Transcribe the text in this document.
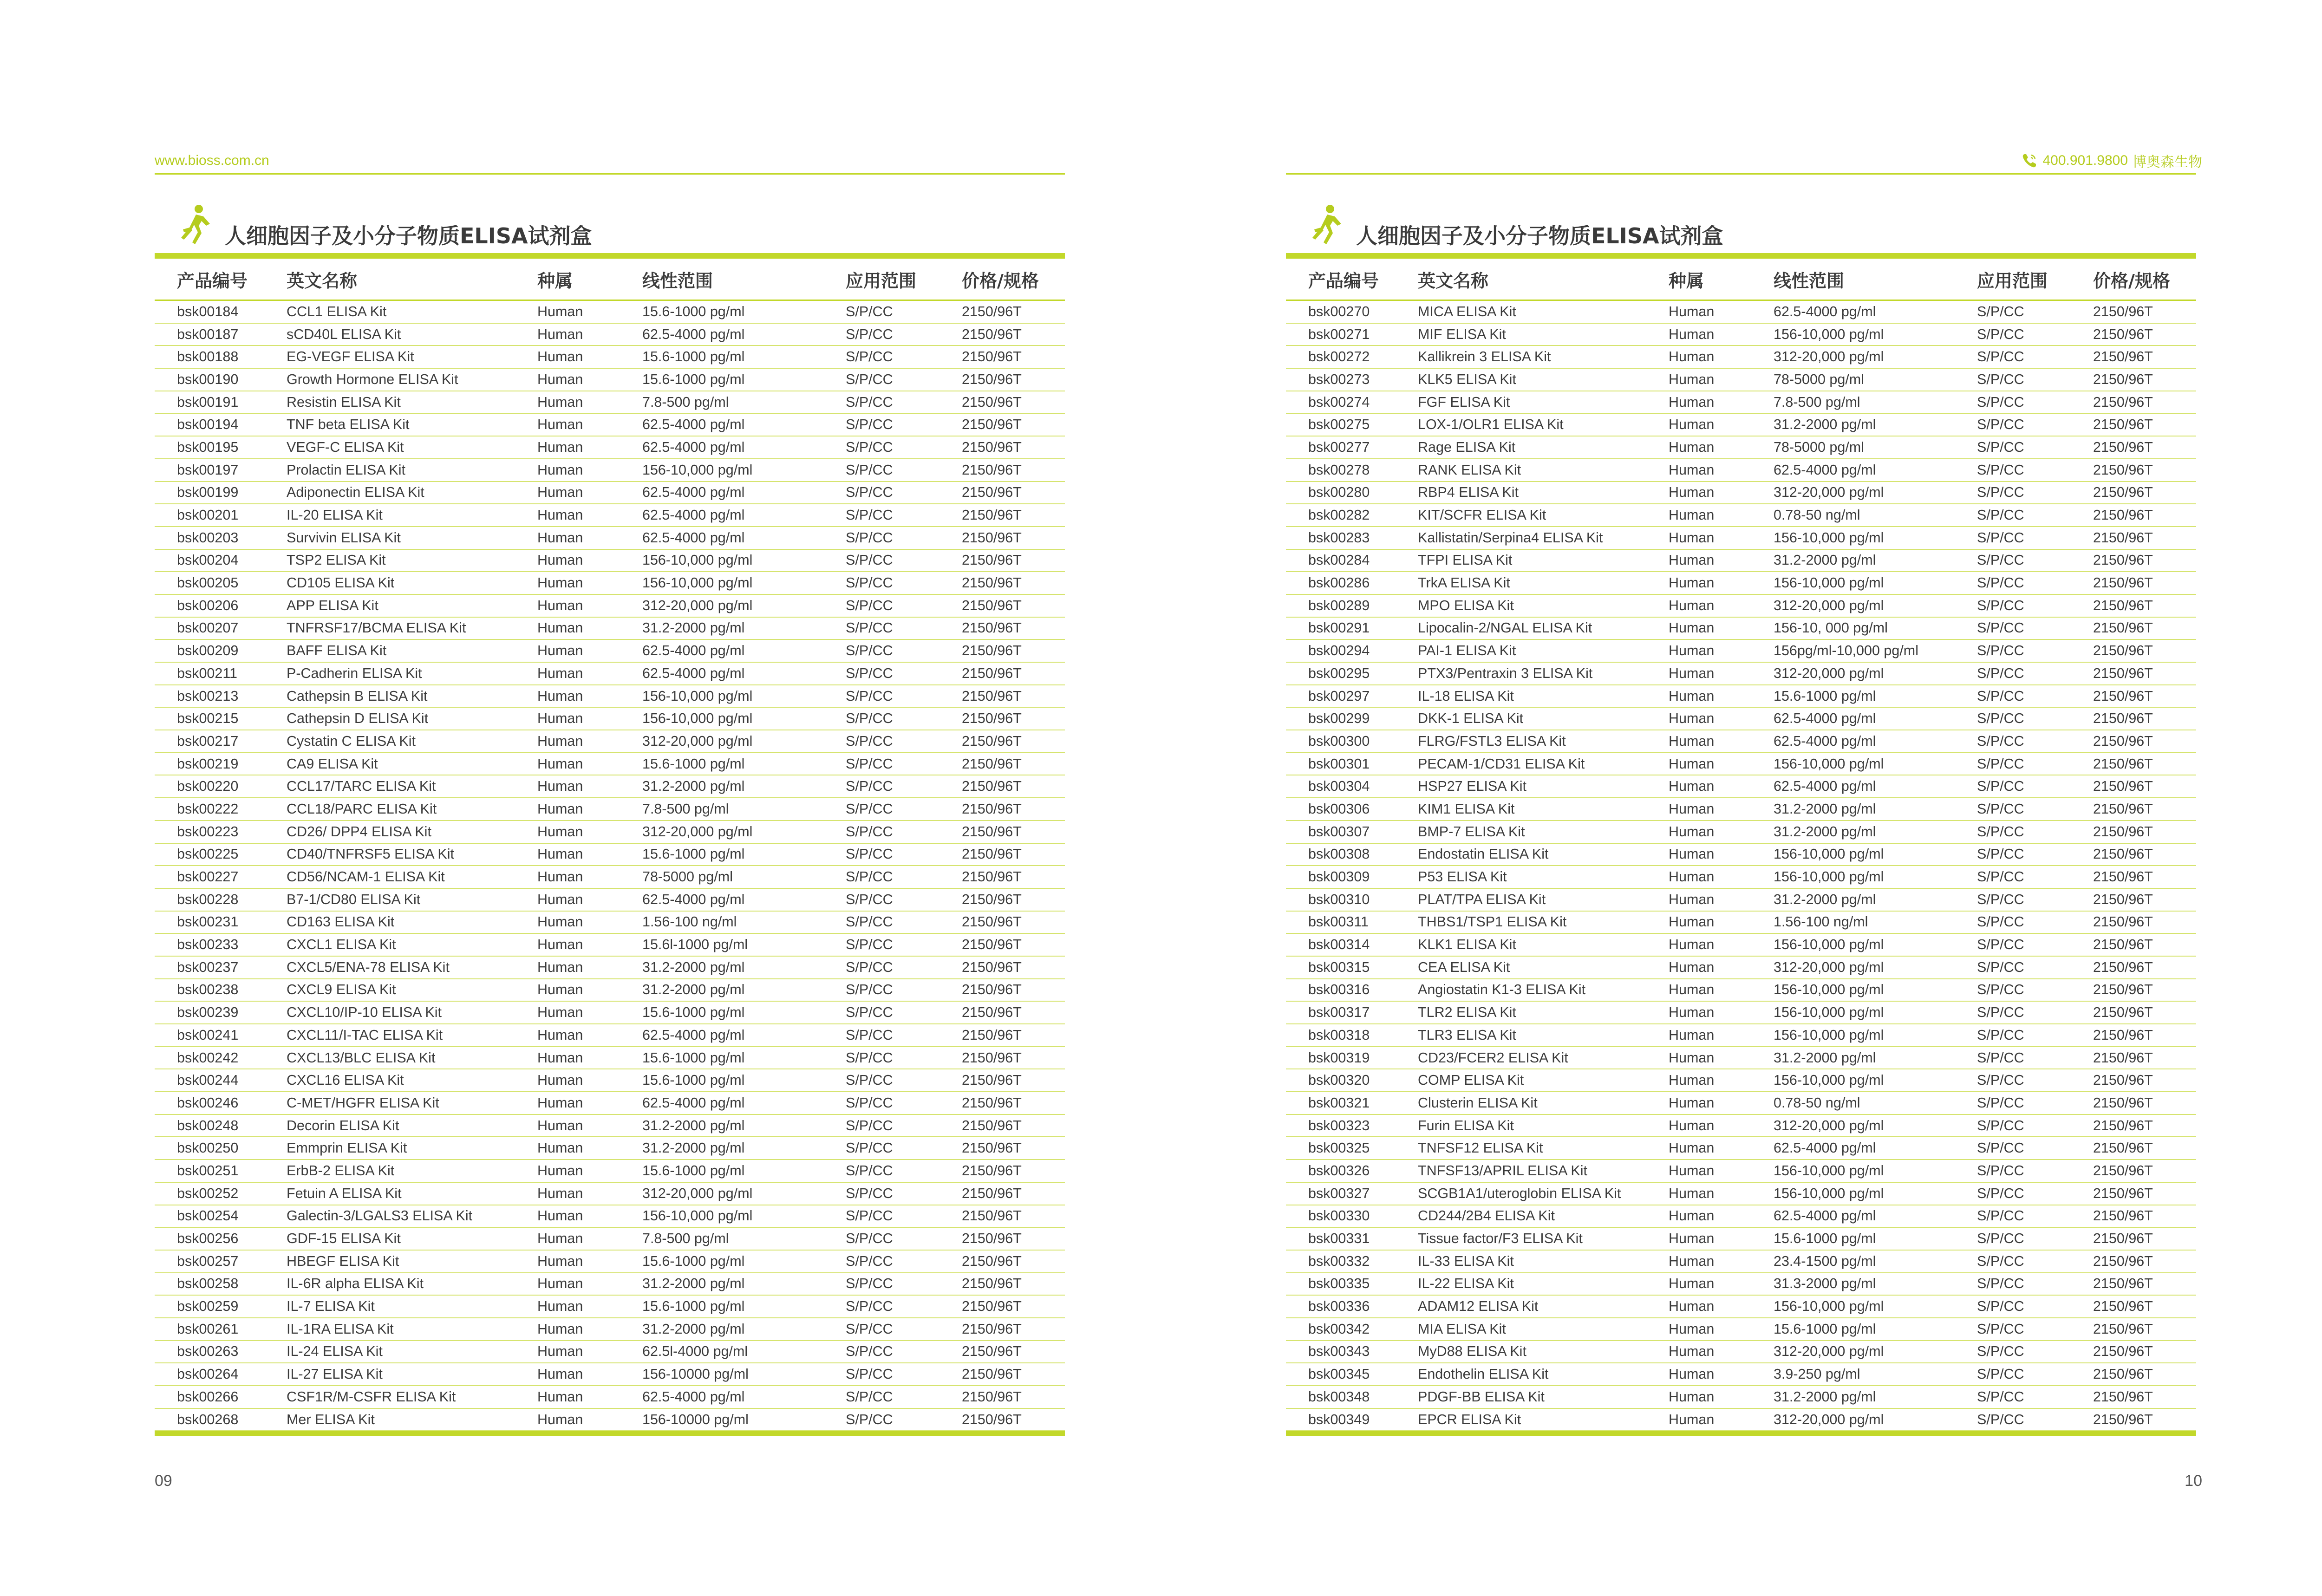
www.bioss.com.cn
人细胞因子及小分子物质ELISA试剂盒
产品编号	英文名称	种属	线性范围	应用范围	价格/规格
bsk00184	CCL1 ELISA Kit	Human	15.6-1000 pg/ml	S/P/CC	2150/96T
bsk00187	sCD40L ELISA Kit	Human	62.5-4000 pg/ml	S/P/CC	2150/96T
bsk00188	EG-VEGF ELISA Kit	Human	15.6-1000 pg/ml	S/P/CC	2150/96T
bsk00190	Growth Hormone ELISA Kit	Human	15.6-1000 pg/ml	S/P/CC	2150/96T
bsk00191	Resistin ELISA Kit	Human	7.8-500 pg/ml	S/P/CC	2150/96T
bsk00194	TNF beta ELISA Kit	Human	62.5-4000 pg/ml	S/P/CC	2150/96T
bsk00195	VEGF-C ELISA Kit	Human	62.5-4000 pg/ml	S/P/CC	2150/96T
bsk00197	Prolactin ELISA Kit	Human	156-10,000 pg/ml	S/P/CC	2150/96T
bsk00199	Adiponectin ELISA Kit	Human	62.5-4000 pg/ml	S/P/CC	2150/96T
bsk00201	IL-20 ELISA Kit	Human	62.5-4000 pg/ml	S/P/CC	2150/96T
bsk00203	Survivin ELISA Kit	Human	62.5-4000 pg/ml	S/P/CC	2150/96T
bsk00204	TSP2 ELISA Kit	Human	156-10,000 pg/ml	S/P/CC	2150/96T
bsk00205	CD105 ELISA Kit	Human	156-10,000 pg/ml	S/P/CC	2150/96T
bsk00206	APP ELISA Kit	Human	312-20,000 pg/ml	S/P/CC	2150/96T
bsk00207	TNFRSF17/BCMA ELISA Kit	Human	31.2-2000 pg/ml	S/P/CC	2150/96T
bsk00209	BAFF ELISA Kit	Human	62.5-4000 pg/ml	S/P/CC	2150/96T
bsk00211	P-Cadherin ELISA Kit	Human	62.5-4000 pg/ml	S/P/CC	2150/96T
bsk00213	Cathepsin B ELISA Kit	Human	156-10,000 pg/ml	S/P/CC	2150/96T
bsk00215	Cathepsin D ELISA Kit	Human	156-10,000 pg/ml	S/P/CC	2150/96T
bsk00217	Cystatin C ELISA Kit	Human	312-20,000 pg/ml	S/P/CC	2150/96T
bsk00219	CA9 ELISA Kit	Human	15.6-1000 pg/ml	S/P/CC	2150/96T
bsk00220	CCL17/TARC ELISA Kit	Human	31.2-2000 pg/ml	S/P/CC	2150/96T
bsk00222	CCL18/PARC ELISA Kit	Human	7.8-500 pg/ml	S/P/CC	2150/96T
bsk00223	CD26/ DPP4 ELISA Kit	Human	312-20,000 pg/ml	S/P/CC	2150/96T
bsk00225	CD40/TNFRSF5 ELISA Kit	Human	15.6-1000 pg/ml	S/P/CC	2150/96T
bsk00227	CD56/NCAM-1 ELISA Kit	Human	78-5000 pg/ml	S/P/CC	2150/96T
bsk00228	B7-1/CD80 ELISA Kit	Human	62.5-4000 pg/ml	S/P/CC	2150/96T
bsk00231	CD163 ELISA Kit	Human	1.56-100 ng/ml	S/P/CC	2150/96T
bsk00233	CXCL1 ELISA Kit	Human	15.6l-1000 pg/ml	S/P/CC	2150/96T
bsk00237	CXCL5/ENA-78 ELISA Kit	Human	31.2-2000 pg/ml	S/P/CC	2150/96T
bsk00238	CXCL9 ELISA Kit	Human	31.2-2000 pg/ml	S/P/CC	2150/96T
bsk00239	CXCL10/IP-10 ELISA Kit	Human	15.6-1000 pg/ml	S/P/CC	2150/96T
bsk00241	CXCL11/I-TAC ELISA Kit	Human	62.5-4000 pg/ml	S/P/CC	2150/96T
bsk00242	CXCL13/BLC ELISA Kit	Human	15.6-1000 pg/ml	S/P/CC	2150/96T
bsk00244	CXCL16 ELISA Kit	Human	15.6-1000 pg/ml	S/P/CC	2150/96T
bsk00246	C-MET/HGFR ELISA Kit	Human	62.5-4000 pg/ml	S/P/CC	2150/96T
bsk00248	Decorin ELISA Kit	Human	31.2-2000 pg/ml	S/P/CC	2150/96T
bsk00250	Emmprin ELISA Kit	Human	31.2-2000 pg/ml	S/P/CC	2150/96T
bsk00251	ErbB-2 ELISA Kit	Human	15.6-1000 pg/ml	S/P/CC	2150/96T
bsk00252	Fetuin A ELISA Kit	Human	312-20,000 pg/ml	S/P/CC	2150/96T
bsk00254	Galectin-3/LGALS3 ELISA Kit	Human	156-10,000 pg/ml	S/P/CC	2150/96T
bsk00256	GDF-15 ELISA Kit	Human	7.8-500 pg/ml	S/P/CC	2150/96T
bsk00257	HBEGF ELISA Kit	Human	15.6-1000 pg/ml	S/P/CC	2150/96T
bsk00258	IL-6R alpha ELISA Kit	Human	31.2-2000 pg/ml	S/P/CC	2150/96T
bsk00259	IL-7 ELISA Kit	Human	15.6-1000 pg/ml	S/P/CC	2150/96T
bsk00261	IL-1RA ELISA Kit	Human	31.2-2000 pg/ml	S/P/CC	2150/96T
bsk00263	IL-24 ELISA Kit	Human	62.5l-4000 pg/ml	S/P/CC	2150/96T
bsk00264	IL-27 ELISA Kit	Human	156-10000 pg/ml	S/P/CC	2150/96T
bsk00266	CSF1R/M-CSFR ELISA Kit	Human	62.5-4000 pg/ml	S/P/CC	2150/96T
bsk00268	Mer ELISA Kit	Human	156-10000 pg/ml	S/P/CC	2150/96T
09
400.901.9800 博奥森生物
人细胞因子及小分子物质ELISA试剂盒
产品编号	英文名称	种属	线性范围	应用范围	价格/规格
bsk00270	MICA ELISA Kit	Human	62.5-4000 pg/ml	S/P/CC	2150/96T
bsk00271	MIF ELISA Kit	Human	156-10,000 pg/ml	S/P/CC	2150/96T
bsk00272	Kallikrein 3 ELISA Kit	Human	312-20,000 pg/ml	S/P/CC	2150/96T
bsk00273	KLK5 ELISA Kit	Human	78-5000 pg/ml	S/P/CC	2150/96T
bsk00274	FGF ELISA Kit	Human	7.8-500 pg/ml	S/P/CC	2150/96T
bsk00275	LOX-1/OLR1 ELISA Kit	Human	31.2-2000 pg/ml	S/P/CC	2150/96T
bsk00277	Rage ELISA Kit	Human	78-5000 pg/ml	S/P/CC	2150/96T
bsk00278	RANK ELISA Kit	Human	62.5-4000 pg/ml	S/P/CC	2150/96T
bsk00280	RBP4 ELISA Kit	Human	312-20,000 pg/ml	S/P/CC	2150/96T
bsk00282	KIT/SCFR ELISA Kit	Human	0.78-50 ng/ml	S/P/CC	2150/96T
bsk00283	Kallistatin/Serpina4 ELISA Kit	Human	156-10,000 pg/ml	S/P/CC	2150/96T
bsk00284	TFPI ELISA Kit	Human	31.2-2000 pg/ml	S/P/CC	2150/96T
bsk00286	TrkA ELISA Kit	Human	156-10,000 pg/ml	S/P/CC	2150/96T
bsk00289	MPO ELISA Kit	Human	312-20,000 pg/ml	S/P/CC	2150/96T
bsk00291	Lipocalin-2/NGAL ELISA Kit	Human	156-10, 000 pg/ml	S/P/CC	2150/96T
bsk00294	PAI-1 ELISA Kit	Human	156pg/ml-10,000 pg/ml	S/P/CC	2150/96T
bsk00295	PTX3/Pentraxin 3 ELISA Kit	Human	312-20,000 pg/ml	S/P/CC	2150/96T
bsk00297	IL-18 ELISA Kit	Human	15.6-1000 pg/ml	S/P/CC	2150/96T
bsk00299	DKK-1 ELISA Kit	Human	62.5-4000 pg/ml	S/P/CC	2150/96T
bsk00300	FLRG/FSTL3 ELISA Kit	Human	62.5-4000 pg/ml	S/P/CC	2150/96T
bsk00301	PECAM-1/CD31 ELISA Kit	Human	156-10,000 pg/ml	S/P/CC	2150/96T
bsk00304	HSP27 ELISA Kit	Human	62.5-4000 pg/ml	S/P/CC	2150/96T
bsk00306	KIM1 ELISA Kit	Human	31.2-2000 pg/ml	S/P/CC	2150/96T
bsk00307	BMP-7 ELISA Kit	Human	31.2-2000 pg/ml	S/P/CC	2150/96T
bsk00308	Endostatin ELISA Kit	Human	156-10,000 pg/ml	S/P/CC	2150/96T
bsk00309	P53 ELISA Kit	Human	156-10,000 pg/ml	S/P/CC	2150/96T
bsk00310	PLAT/TPA ELISA Kit	Human	31.2-2000 pg/ml	S/P/CC	2150/96T
bsk00311	THBS1/TSP1 ELISA Kit	Human	1.56-100 ng/ml	S/P/CC	2150/96T
bsk00314	KLK1 ELISA Kit	Human	156-10,000 pg/ml	S/P/CC	2150/96T
bsk00315	CEA ELISA Kit	Human	312-20,000 pg/ml	S/P/CC	2150/96T
bsk00316	Angiostatin K1-3 ELISA Kit	Human	156-10,000 pg/ml	S/P/CC	2150/96T
bsk00317	TLR2 ELISA Kit	Human	156-10,000 pg/ml	S/P/CC	2150/96T
bsk00318	TLR3 ELISA Kit	Human	156-10,000 pg/ml	S/P/CC	2150/96T
bsk00319	CD23/FCER2 ELISA Kit	Human	31.2-2000 pg/ml	S/P/CC	2150/96T
bsk00320	COMP ELISA Kit	Human	156-10,000 pg/ml	S/P/CC	2150/96T
bsk00321	Clusterin ELISA Kit	Human	0.78-50 ng/ml	S/P/CC	2150/96T
bsk00323	Furin ELISA Kit	Human	312-20,000 pg/ml	S/P/CC	2150/96T
bsk00325	TNFSF12 ELISA Kit	Human	62.5-4000 pg/ml	S/P/CC	2150/96T
bsk00326	TNFSF13/APRIL ELISA Kit	Human	156-10,000 pg/ml	S/P/CC	2150/96T
bsk00327	SCGB1A1/uteroglobin ELISA Kit	Human	156-10,000 pg/ml	S/P/CC	2150/96T
bsk00330	CD244/2B4 ELISA Kit	Human	62.5-4000 pg/ml	S/P/CC	2150/96T
bsk00331	Tissue factor/F3 ELISA Kit	Human	15.6-1000 pg/ml	S/P/CC	2150/96T
bsk00332	IL-33 ELISA Kit	Human	23.4-1500 pg/ml	S/P/CC	2150/96T
bsk00335	IL-22 ELISA Kit	Human	31.3-2000 pg/ml	S/P/CC	2150/96T
bsk00336	ADAM12 ELISA Kit	Human	156-10,000 pg/ml	S/P/CC	2150/96T
bsk00342	MIA ELISA Kit	Human	15.6-1000 pg/ml	S/P/CC	2150/96T
bsk00343	MyD88 ELISA Kit	Human	312-20,000 pg/ml	S/P/CC	2150/96T
bsk00345	Endothelin ELISA Kit	Human	3.9-250 pg/ml	S/P/CC	2150/96T
bsk00348	PDGF-BB ELISA Kit	Human	31.2-2000 pg/ml	S/P/CC	2150/96T
bsk00349	EPCR ELISA Kit	Human	312-20,000 pg/ml	S/P/CC	2150/96T
10
